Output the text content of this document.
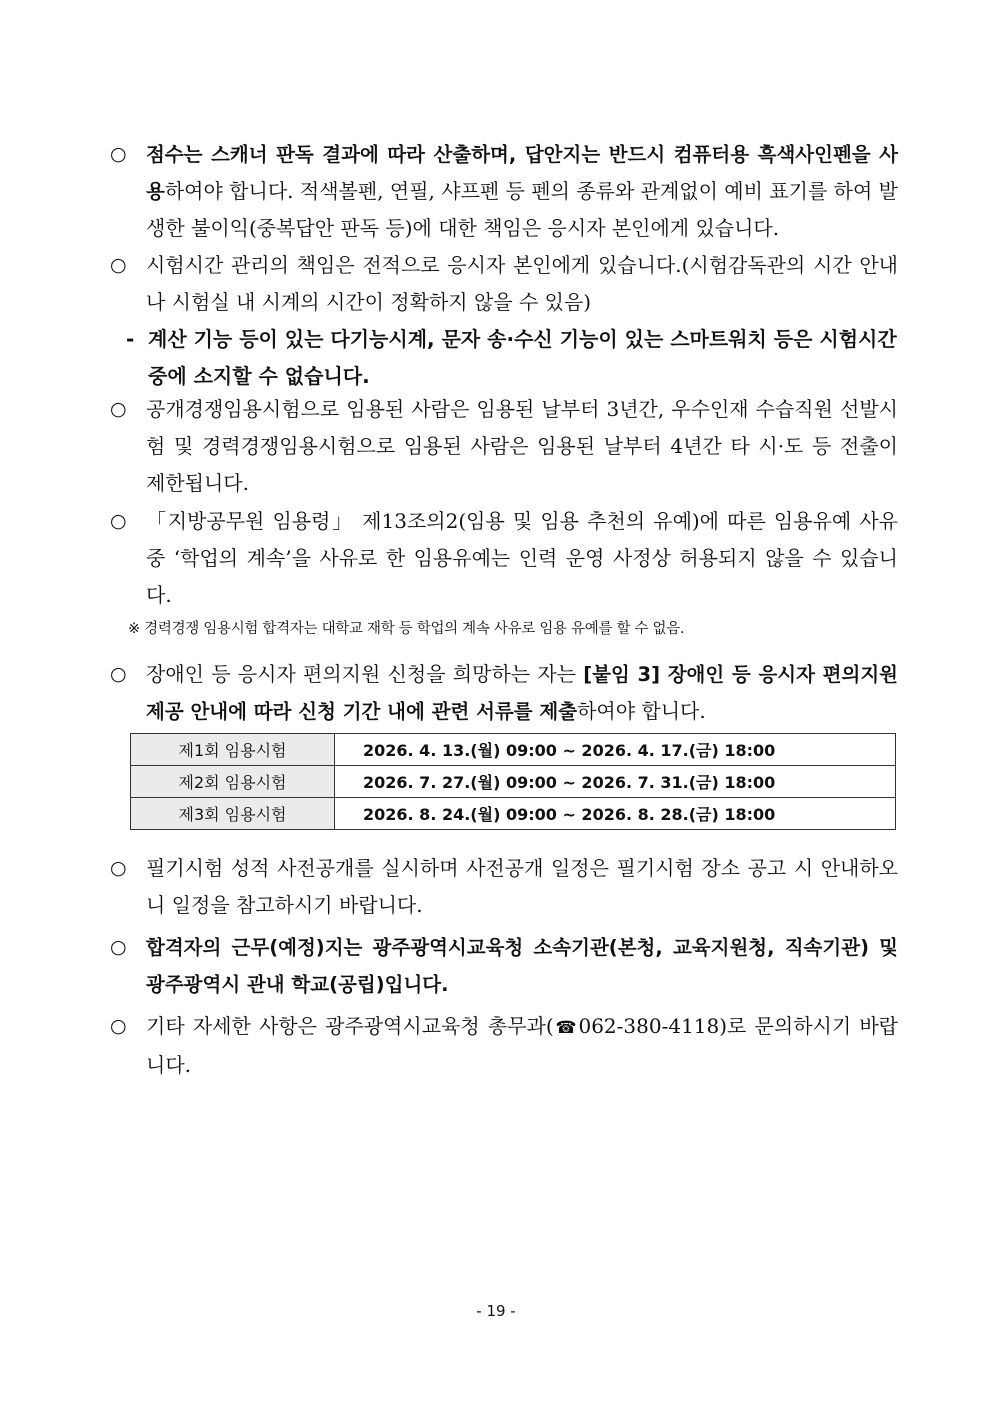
○ 점수는 스캐너 판독 결과에 따라 산출하며, 답안지는 반드시 컴퓨터용 흑색사인펜을 사용하여야 합니다. 적색볼펜, 연필, 샤프펜 등 펜의 종류와 관계없이 예비 표기를 하여 발생한 불이익(중복답안 판독 등)에 대한 책임은 응시자 본인에게 있습니다.
○ 시험시간 관리의 책임은 전적으로 응시자 본인에게 있습니다.(시험감독관의 시간 안내나 시험실 내 시계의 시간이 정확하지 않을 수 있음)
- 계산 기능 등이 있는 다기능시계, 문자 송·수신 기능이 있는 스마트워치 등은 시험시간 중에 소지할 수 없습니다.
○ 공개경쟁임용시험으로 임용된 사람은 임용된 날부터 3년간, 우수인재 수습직원 선발시험 및 경력경쟁임용시험으로 임용된 사람은 임용된 날부터 4년간 타 시·도 등 전출이 제한됩니다.
○ 「지방공무원 임용령」 제13조의2(임용 및 임용 추천의 유예)에 따른 임용유예 사유 중 ‘학업의 계속’을 사유로 한 임용유예는 인력 운영 사정상 허용되지 않을 수 있습니다.
※ 경력경쟁 임용시험 합격자는 대학교 재학 등 학업의 계속 사유로 임용 유예를 할 수 없음.
○ 장애인 등 응시자 편의지원 신청을 희망하는 자는 [붙임 3] 장애인 등 응시자 편의지원 제공 안내에 따라 신청 기간 내에 관련 서류를 제출하여야 합니다.
제1회 임용시험	2026. 4. 13.(월) 09:00 ~ 2026. 4. 17.(금) 18:00
제2회 임용시험	2026. 7. 27.(월) 09:00 ~ 2026. 7. 31.(금) 18:00
제3회 임용시험	2026. 8. 24.(월) 09:00 ~ 2026. 8. 28.(금) 18:00
○ 필기시험 성적 사전공개를 실시하며 사전공개 일정은 필기시험 장소 공고 시 안내하오니 일정을 참고하시기 바랍니다.
○ 합격자의 근무(예정)지는 광주광역시교육청 소속기관(본청, 교육지원청, 직속기관) 및 광주광역시 관내 학교(공립)입니다.
○ 기타 자세한 사항은 광주광역시교육청 총무과(☎062-380-4118)로 문의하시기 바랍니다.
- 19 -
